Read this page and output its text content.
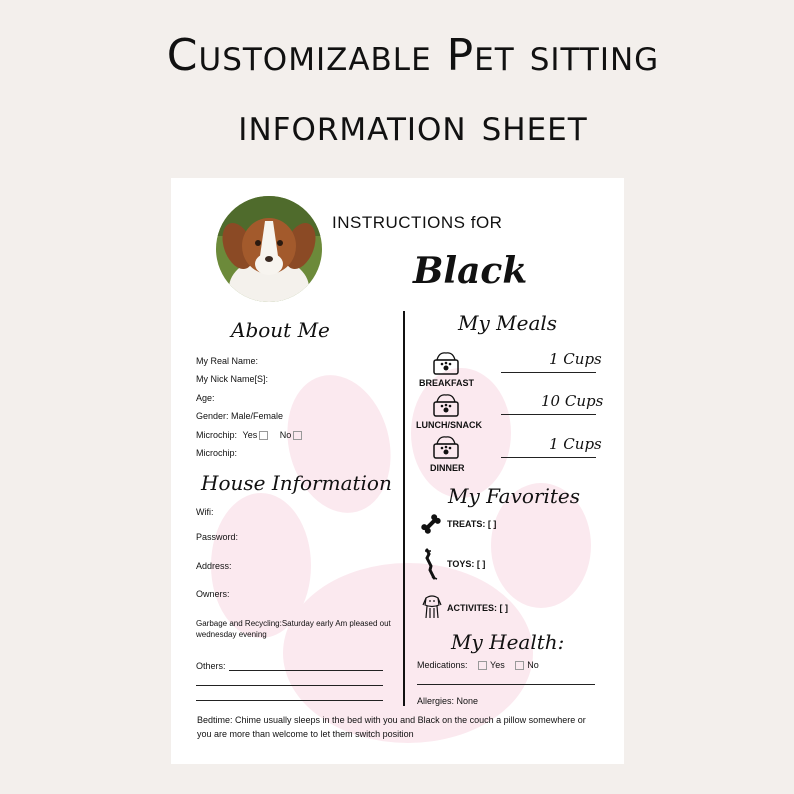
Customizable Pet sitting
information sheet
INSTRUCTIONS fOR
Black
About Me
My Real Name:
My Nick Name[S]:
Age:
Gender: Male/Female
Microchip: Yes	No
Microchip:
House Information
Wifi:
Password:
Address:
Owners:
Garbage and Recycling:Saturday early Am pleased out
wednesday evening
Others:
My Meals
BREAKFAST
1 Cups
LUNCH/SNACK
10 Cups
DINNER
1 Cups
My Favorites
TREATS: [ ]
TOYS: [ ]
ACTIVITES: [ ]
My Health:
Medications:	Yes	No
Allergies: None
Bedtime: Chime usually sleeps in the bed with you and Black on the couch a pillow somewhere or you are more than welcome to let them switch position
